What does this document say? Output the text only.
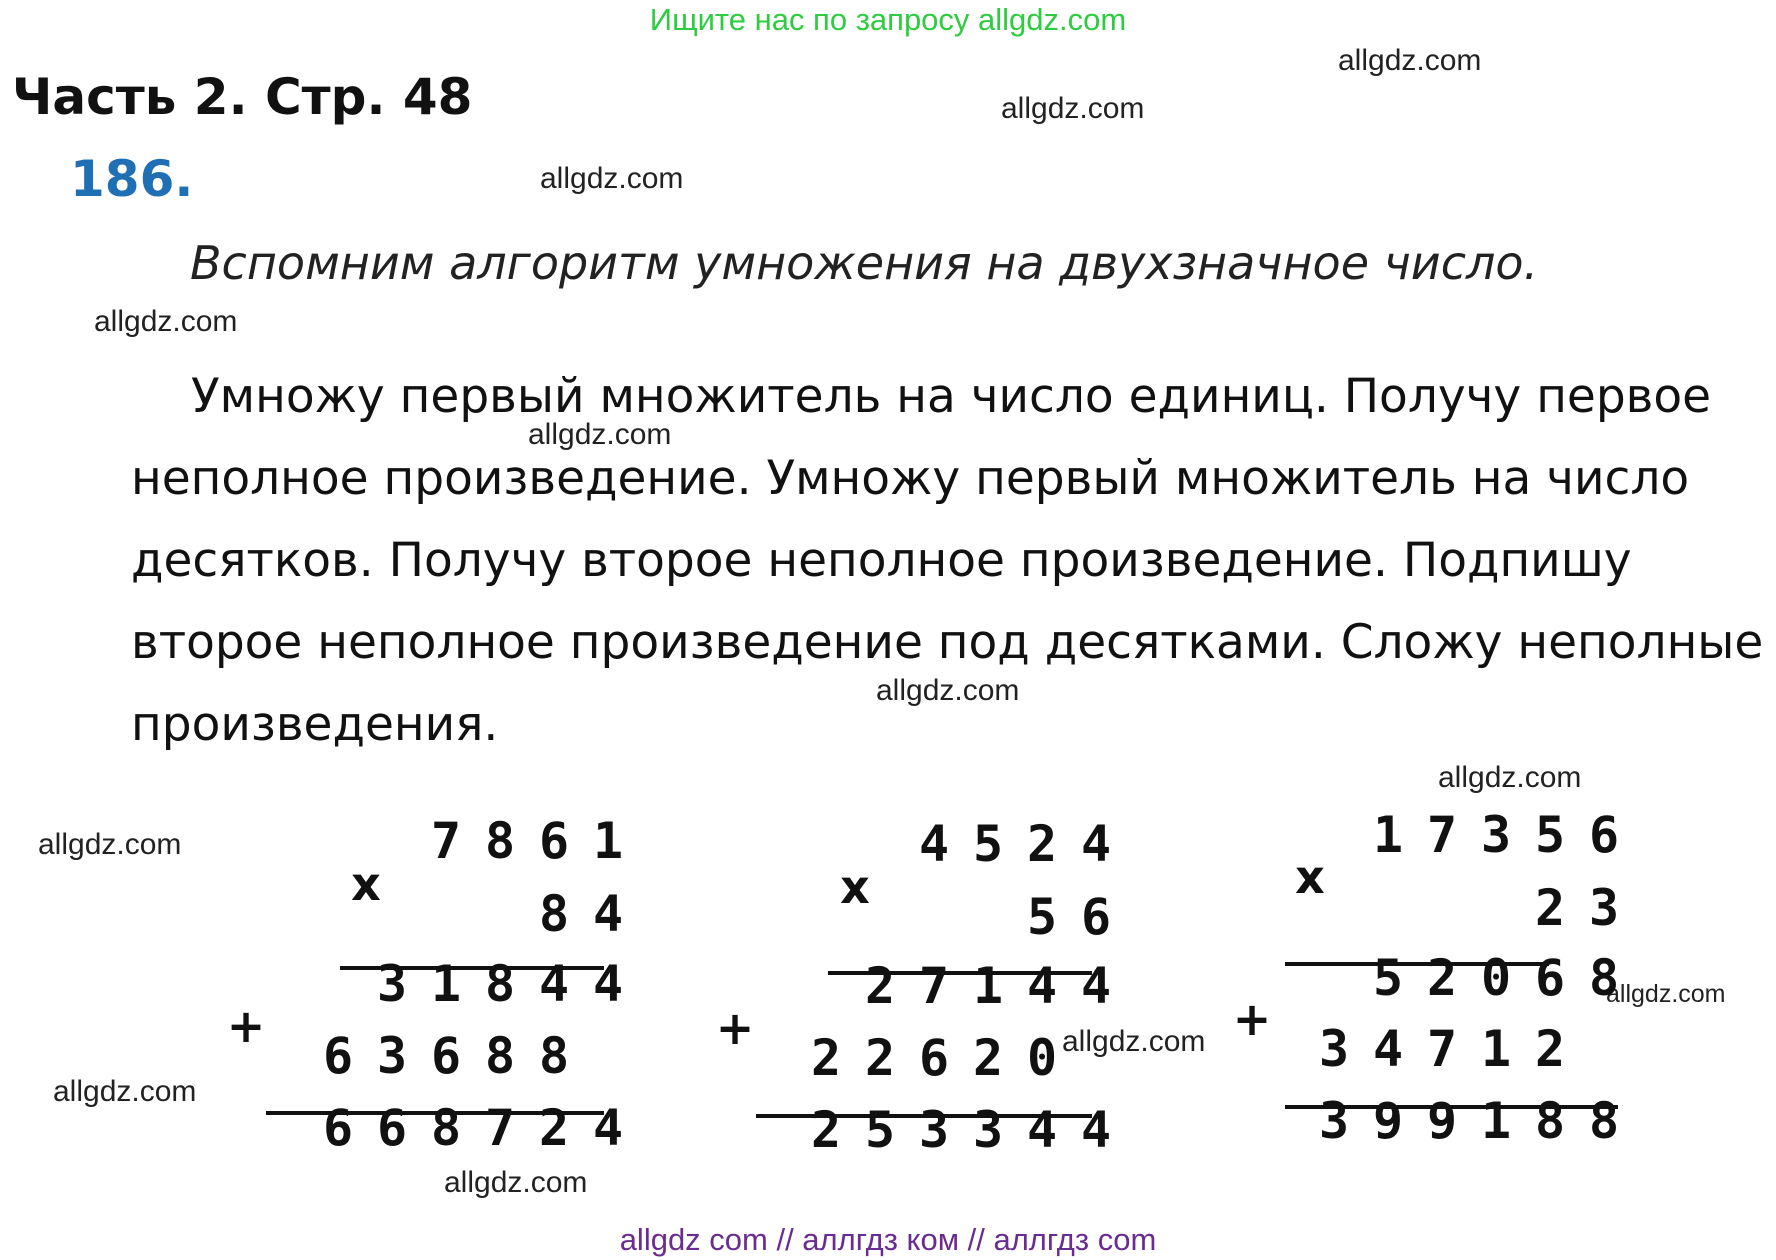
Ищите нас по запросу allgdz.com
Часть 2. Стр. 48
186.
Вспомним алгоритм умножения на двухзначное число.
Умножу первый множитель на число единиц. Получу первое
неполное произведение. Умножу первый множитель на число
десятков. Получу второе неполное произведение. Подпишу
второе неполное произведение под десятками. Сложу неполные
произведения.
allgdz.com
allgdz.com
allgdz.com
allgdz.com
allgdz.com
allgdz.com
allgdz.com
allgdz.com
allgdz.com
allgdz.com
allgdz.com
allgdz.com
7 8 6 1
8 4
3 1 8 4 4
6 3 6 8 8
6 6 8 7 2 4
x
+
4 5 2 4
5 6
2 7 1 4 4
2 2 6 2 0
2 5 3 3 4 4
x
+
1 7 3 5 6
2 3
5 2 0 6 8
3 4 7 1 2
3 9 9 1 8 8
x
+
allgdz com // аллгдз ком // аллгдз com
